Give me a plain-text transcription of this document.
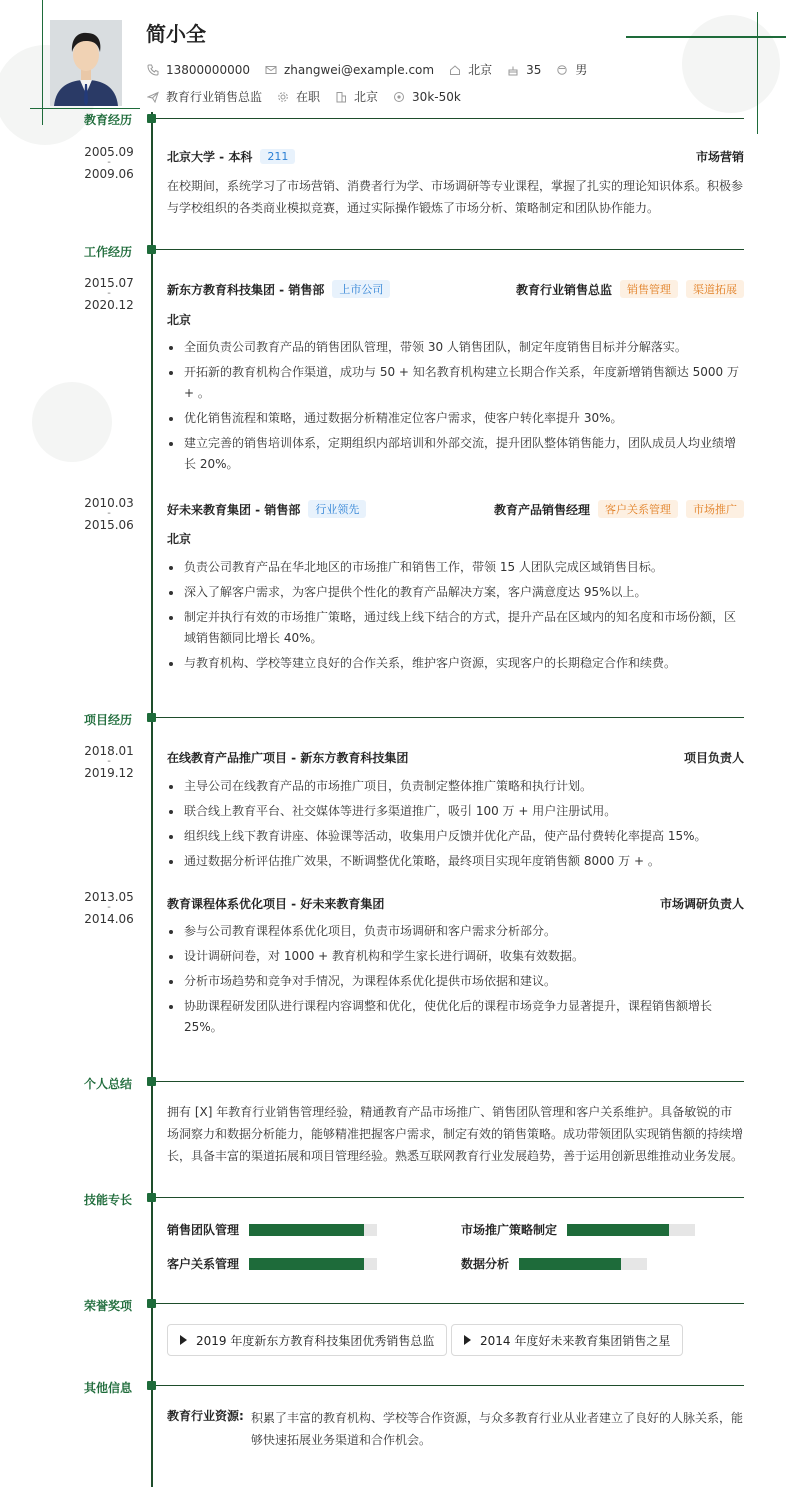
简小全
13800000000	zhangwei@example.com	北京	35	男
教育行业销售总监	在职	北京	30k-50k
教育经历
2005.09
-
2009.06
北京大学 - 本科	211	市场营销
在校期间，系统学习了市场营销、消费者行为学、市场调研等专业课程，掌握了扎实的理论知识体系。积极参与学校组织的各类商业模拟竞赛，通过实际操作锻炼了市场分析、策略制定和团队协作能力。
工作经历
2015.07
-
2020.12
新东方教育科技集团 - 销售部	上市公司	教育行业销售总监	销售管理	渠道拓展
北京
全面负责公司教育产品的销售团队管理，带领 30 人销售团队，制定年度销售目标并分解落实。
开拓新的教育机构合作渠道，成功与 50 + 知名教育机构建立长期合作关系，年度新增销售额达 5000 万 + 。
优化销售流程和策略，通过数据分析精准定位客户需求，使客户转化率提升 30%。
建立完善的销售培训体系，定期组织内部培训和外部交流，提升团队整体销售能力，团队成员人均业绩增长 20%。
2010.03
-
2015.06
好未来教育集团 - 销售部	行业领先	教育产品销售经理	客户关系管理	市场推广
北京
负责公司教育产品在华北地区的市场推广和销售工作，带领 15 人团队完成区域销售目标。
深入了解客户需求，为客户提供个性化的教育产品解决方案，客户满意度达 95%以上。
制定并执行有效的市场推广策略，通过线上线下结合的方式，提升产品在区域内的知名度和市场份额，区域销售额同比增长 40%。
与教育机构、学校等建立良好的合作关系，维护客户资源，实现客户的长期稳定合作和续费。
项目经历
2018.01
-
2019.12
在线教育产品推广项目 - 新东方教育科技集团	项目负责人
主导公司在线教育产品的市场推广项目，负责制定整体推广策略和执行计划。
联合线上教育平台、社交媒体等进行多渠道推广，吸引 100 万 + 用户注册试用。
组织线上线下教育讲座、体验课等活动，收集用户反馈并优化产品，使产品付费转化率提高 15%。
通过数据分析评估推广效果，不断调整优化策略，最终项目实现年度销售额 8000 万 + 。
2013.05
-
2014.06
教育课程体系优化项目 - 好未来教育集团	市场调研负责人
参与公司教育课程体系优化项目，负责市场调研和客户需求分析部分。
设计调研问卷，对 1000 + 教育机构和学生家长进行调研，收集有效数据。
分析市场趋势和竞争对手情况，为课程体系优化提供市场依据和建议。
协助课程研发团队进行课程内容调整和优化，使优化后的课程市场竞争力显著提升，课程销售额增长 25%。
个人总结
拥有 [X] 年教育行业销售管理经验，精通教育产品市场推广、销售团队管理和客户关系维护。具备敏锐的市场洞察力和数据分析能力，能够精准把握客户需求，制定有效的销售策略。成功带领团队实现销售额的持续增长，具备丰富的渠道拓展和项目管理经验。熟悉互联网教育行业发展趋势，善于运用创新思维推动业务发展。
技能专长
销售团队管理	市场推广策略制定
客户关系管理	数据分析
荣誉奖项
2019 年度新东方教育科技集团优秀销售总监	2014 年度好未来教育集团销售之星
其他信息
教育行业资源: 积累了丰富的教育机构、学校等合作资源，与众多教育行业从业者建立了良好的人脉关系，能够快速拓展业务渠道和合作机会。
